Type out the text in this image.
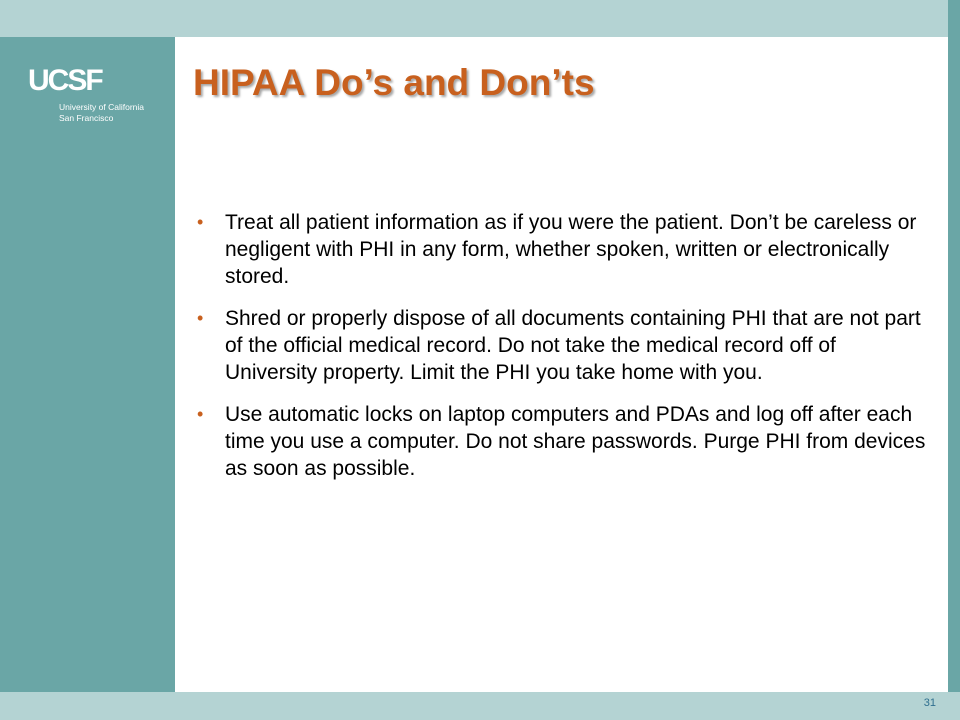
UCSF
University of California
San Francisco
HIPAA Do’s and Don’ts
• Treat all patient information as if you were the patient. Don’t be careless or negligent with PHI in any form, whether spoken, written or electronically stored.
• Shred or properly dispose of all documents containing PHI that are not part of the official medical record. Do not take the medical record off of University property. Limit the PHI you take home with you.
• Use automatic locks on laptop computers and PDAs and log off after each time you use a computer. Do not share passwords. Purge PHI from devices as soon as possible.
31
